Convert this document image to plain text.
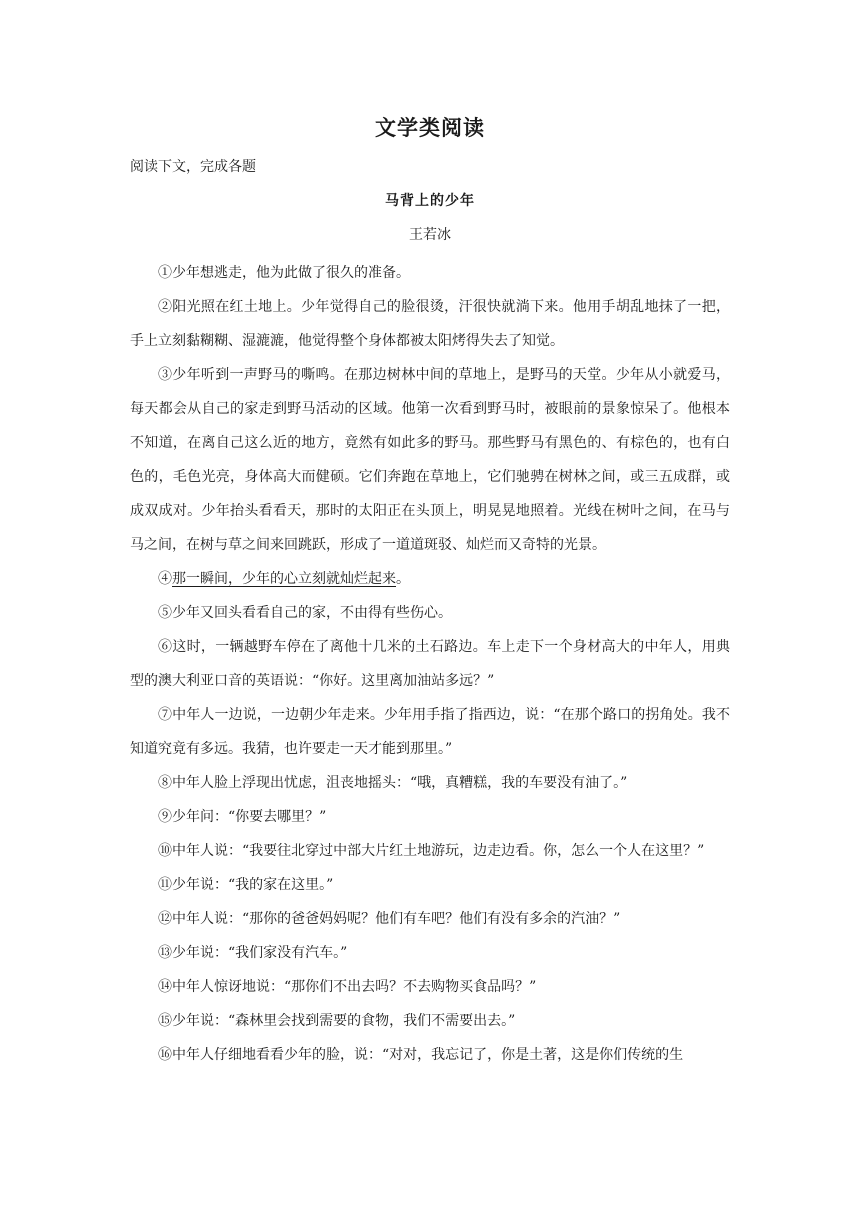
文学类阅读
阅读下文，完成各题
马背上的少年
王若冰

①少年想逃走，他为此做了很久的准备。

②阳光照在红土地上。少年觉得自己的脸很烫，汗很快就淌下来。他用手胡乱地抹了一把，手上立刻黏糊糊、湿漉漉，他觉得整个身体都被太阳烤得失去了知觉。

③少年听到一声野马的嘶鸣。在那边树林中间的草地上，是野马的天堂。少年从小就爱马，每天都会从自己的家走到野马活动的区域。他第一次看到野马时，被眼前的景象惊呆了。他根本不知道，在离自己这么近的地方，竟然有如此多的野马。那些野马有黑色的、有棕色的，也有白色的，毛色光亮，身体高大而健硕。它们奔跑在草地上，它们驰骋在树林之间，或三五成群，或成双成对。少年抬头看看天，那时的太阳正在头顶上，明晃晃地照着。光线在树叶之间，在马与马之间，在树与草之间来回跳跃，形成了一道道斑驳、灿烂而又奇特的光景。

④那一瞬间，少年的心立刻就灿烂起来。

⑤少年又回头看看自己的家，不由得有些伤心。

⑥这时，一辆越野车停在了离他十几米的土石路边。车上走下一个身材高大的中年人，用典型的澳大利亚口音的英语说：“你好。这里离加油站多远？”

⑦中年人一边说，一边朝少年走来。少年用手指了指西边，说：“在那个路口的拐角处。我不知道究竟有多远。我猜，也许要走一天才能到那里。”

⑧中年人脸上浮现出忧虑，沮丧地摇头：“哦，真糟糕，我的车要没有油了。”

⑨少年问：“你要去哪里？”

⑩中年人说：“我要往北穿过中部大片红土地游玩，边走边看。你，怎么一个人在这里？”

⑪少年说：“我的家在这里。”

⑫中年人说：“那你的爸爸妈妈呢？他们有车吧？他们有没有多余的汽油？”

⑬少年说：“我们家没有汽车。”

⑭中年人惊讶地说：“那你们不出去吗？不去购物买食品吗？”

⑮少年说：“森林里会找到需要的食物，我们不需要出去。”

⑯中年人仔细地看看少年的脸，说：“对对，我忘记了，你是土著，这是你们传统的生
